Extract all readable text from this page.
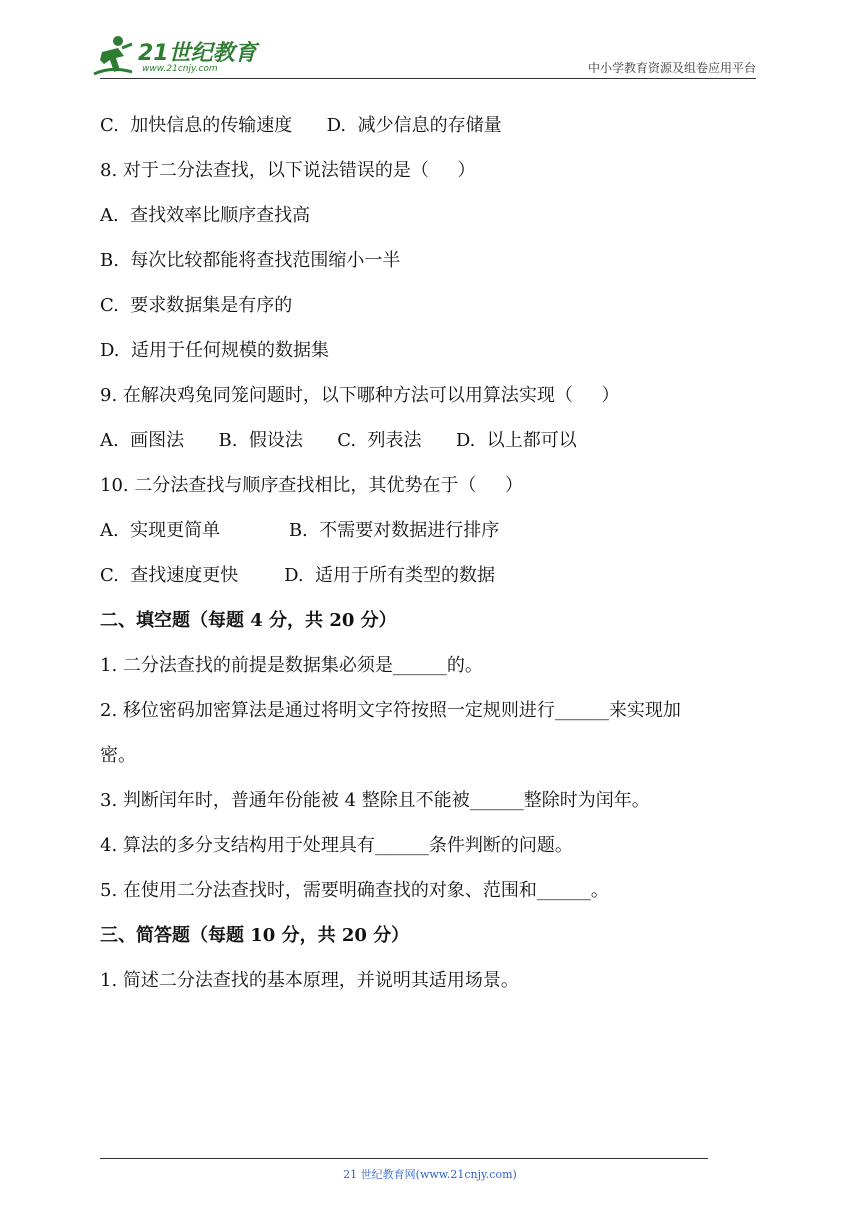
21世纪教育
www.21cnjy.com	中小学教育资源及组卷应用平台
C.  加快信息的传输速度      D.  减少信息的存储量
8. 对于二分法查找，以下说法错误的是（     ）
A.  查找效率比顺序查找高
B.  每次比较都能将查找范围缩小一半
C.  要求数据集是有序的
D.  适用于任何规模的数据集
9. 在解决鸡兔同笼问题时，以下哪种方法可以用算法实现（     ）
A.  画图法      B.  假设法      C.  列表法      D.  以上都可以
10. 二分法查找与顺序查找相比，其优势在于（     ）
A.  实现更简单            B.  不需要对数据进行排序
C.  查找速度更快        D.  适用于所有类型的数据
二、填空题（每题 4 分，共 20 分）
1. 二分法查找的前提是数据集必须是______的。
2. 移位密码加密算法是通过将明文字符按照一定规则进行______来实现加
密。
3. 判断闰年时，普通年份能被 4 整除且不能被______整除时为闰年。
4. 算法的多分支结构用于处理具有______条件判断的问题。
5. 在使用二分法查找时，需要明确查找的对象、范围和______。
三、简答题（每题 10 分，共 20 分）
1. 简述二分法查找的基本原理，并说明其适用场景。
21 世纪教育网(www.21cnjy.com)
